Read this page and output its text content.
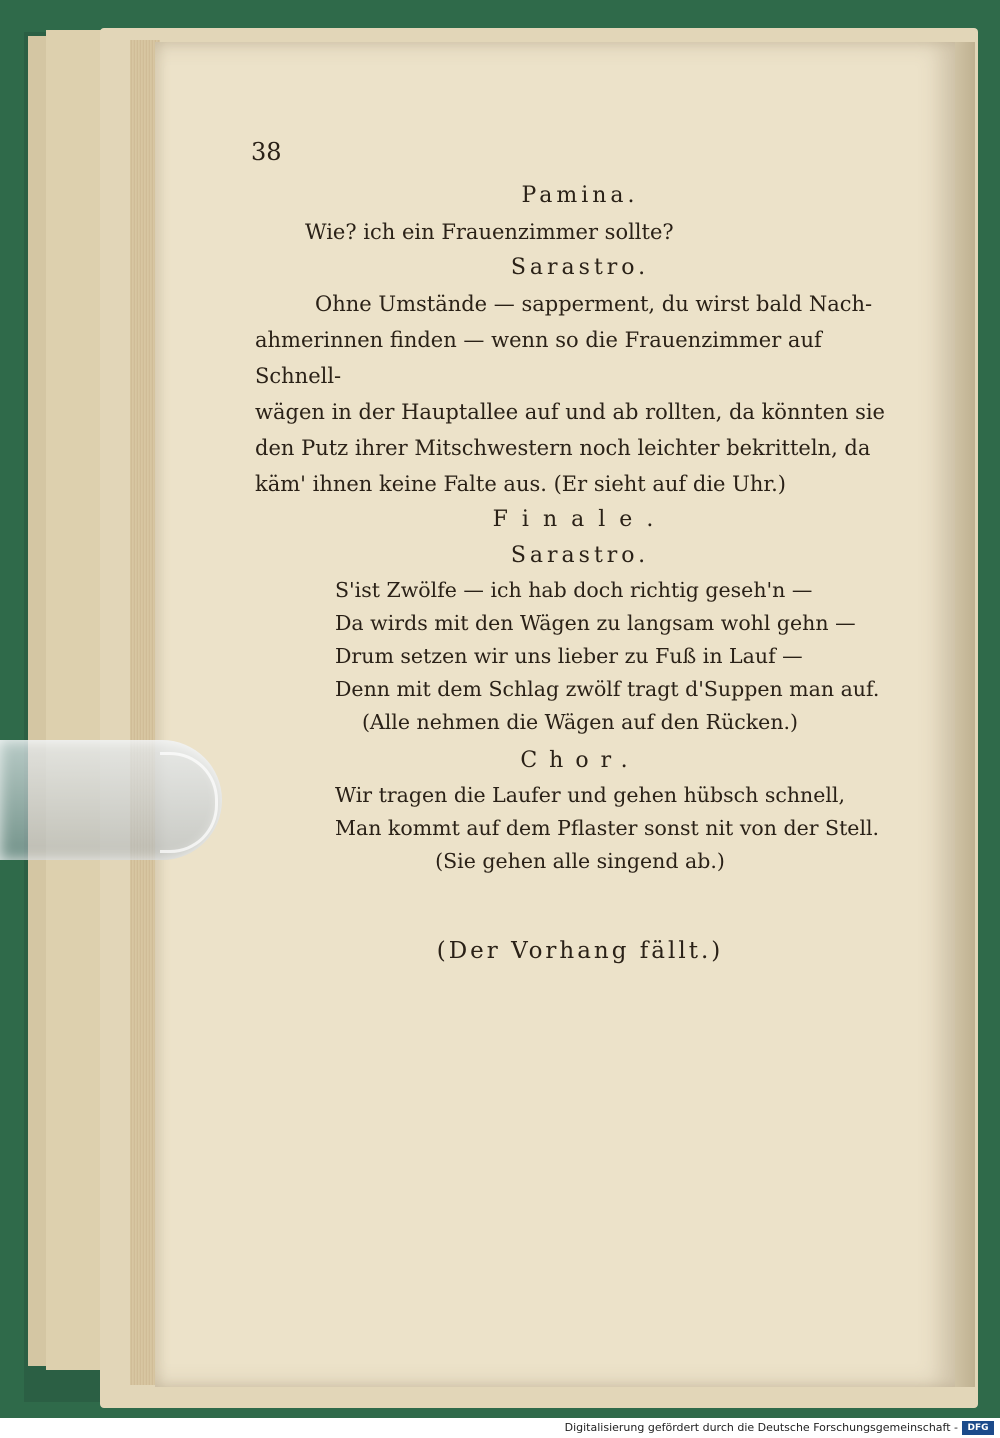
38
Pamina.
Wie? ich ein Frauenzimmer sollte?
Sarastro.
Ohne Umstände — sapperment, du wirst bald Nach-
ahmerinnen finden — wenn so die Frauenzimmer auf Schnell-
wägen in der Hauptallee auf und ab rollten, da könnten sie
den Putz ihrer Mitschwestern noch leichter bekritteln, da
käm' ihnen keine Falte aus. (Er sieht auf die Uhr.)
Finale.
Sarastro.
S'ist Zwölfe — ich hab doch richtig geseh'n —
Da wirds mit den Wägen zu langsam wohl gehn —
Drum setzen wir uns lieber zu Fuß in Lauf —
Denn mit dem Schlag zwölf tragt d'Suppen man auf.
(Alle nehmen die Wägen auf den Rücken.)
Chor.
Wir tragen die Laufer und gehen hübsch schnell,
Man kommt auf dem Pflaster sonst nit von der Stell.
(Sie gehen alle singend ab.)
(Der Vorhang fällt.)
Digitalisierung gefördert durch die Deutsche Forschungsgemeinschaft -	DFG
